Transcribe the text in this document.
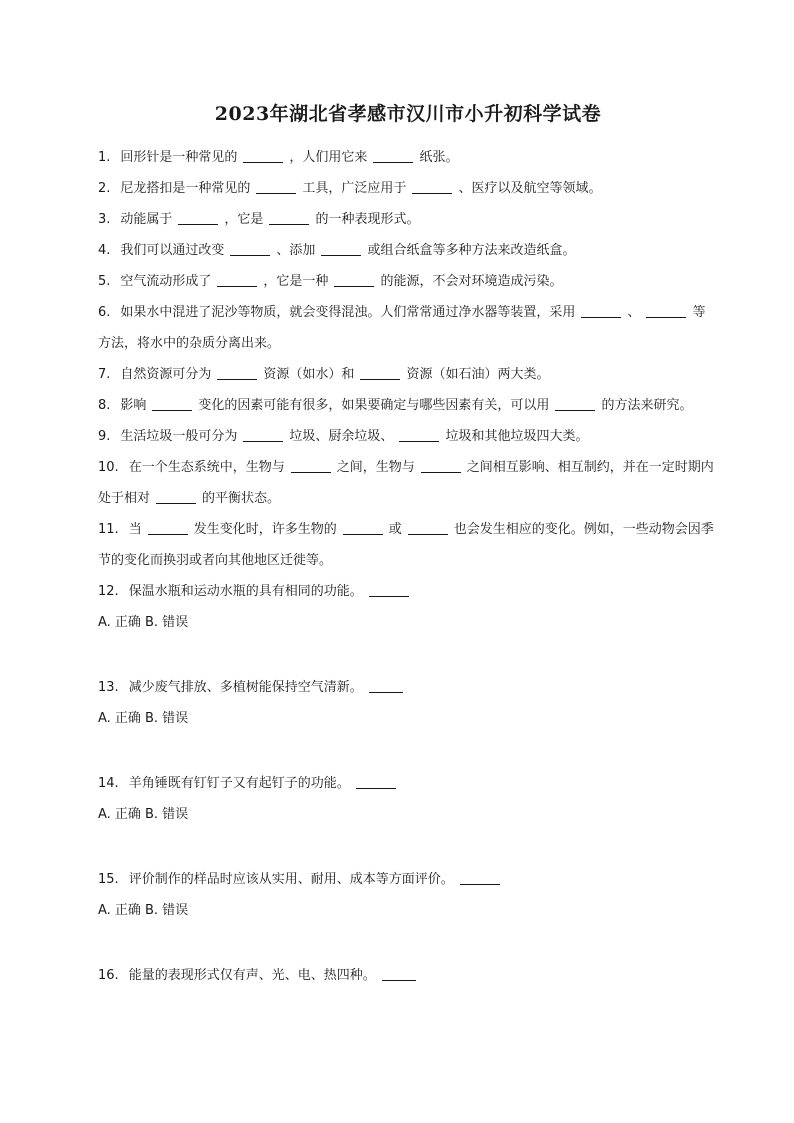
2023年湖北省孝感市汉川市小升初科学试卷

1. 回形针是一种常见的	，人们用它来	纸张。

2. 尼龙搭扣是一种常见的	工具，广泛应用于	、医疗以及航空等领域。

3. 动能属于	，它是	的一种表现形式。

4. 我们可以通过改变	、添加	或组合纸盒等多种方法来改造纸盒。

5. 空气流动形成了	，它是一种	的能源，不会对环境造成污染。

6. 如果水中混进了泥沙等物质，就会变得混浊。人们常常通过净水器等装置，采用	、	等方法，将水中的杂质分离出来。

7. 自然资源可分为	资源（如水）和	资源（如石油）两大类。

8. 影响	变化的因素可能有很多，如果要确定与哪些因素有关，可以用	的方法来研究。

9. 生活垃圾一般可分为	垃圾、厨余垃圾、	垃圾和其他垃圾四大类。

10. 在一个生态系统中，生物与	之间，生物与	之间相互影响、相互制约，并在一定时期内处于相对	的平衡状态。

11. 当	发生变化时，许多生物的	或	也会发生相应的变化。例如，一些动物会因季节的变化而换羽或者向其他地区迁徙等。

12. 保温水瓶和运动水瓶的具有相同的功能。

A. 正确 B. 错误

13. 减少废气排放、多植树能保持空气清新。

A. 正确 B. 错误

14. 羊角锤既有钉钉子又有起钉子的功能。

A. 正确 B. 错误

15. 评价制作的样品时应该从实用、耐用、成本等方面评价。

A. 正确 B. 错误

16. 能量的表现形式仅有声、光、电、热四种。
